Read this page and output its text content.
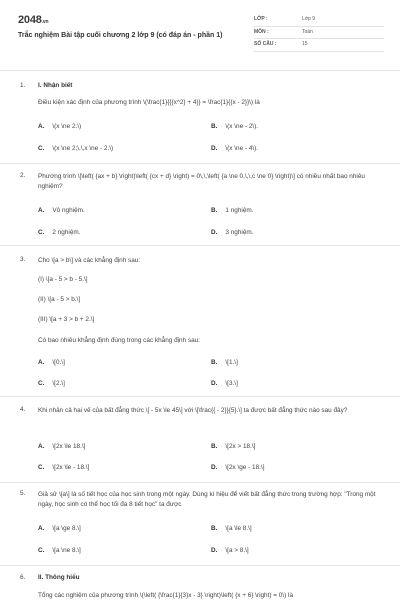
2048.vn
Trắc nghiệm Bài tập cuối chương 2 lớp 9 (có đáp án - phần 1)
LỚP :	Lớp 9
MÔN :	Toán
SỐ CÂU :	15
1. I. Nhận biết
Điều kiện xác định của phương trình \(\frac{1}{{{x^2} + 4}} = \frac{1}{{x - 2}}\) là
A. \(x \ne 2.\)	B. \(x \ne - 2\).
C. \(x \ne 2;\,\,x \ne - 2.\)	D. \(x \ne - 4\).
2. Phương trình \[\left( {ax + b} \right)\left( {cx + d} \right) = 0\,\,\left( {a \ne 0,\,\,c \ne 0} \right)\] có nhiều nhất bao nhiêu nghiệm?
A. Vô nghiệm.	B. 1 nghiệm.
C. 2 nghiệm.	D. 3 nghiệm.
3. Cho \[a > b\] và các khẳng định sau:
(I) \[a - 5 > b - 5.\]
(II) \[a - 5 > b.\]
(III) \[a + 3 > b + 2.\]
Có bao nhiêu khẳng định đúng trong các khẳng định sau:
A. \[0.\]	B. \[1.\]
C. \[2.\]	D. \[3.\]
4. Khi nhân cả hai vế của bất đẳng thức \[ - 5x \le 45\] với \[\frac{{ - 2}}{5}.\] ta được bất đẳng thức nào sau đây?
A. \[2x \le 18.\]	B. \[2x > 18.\]
C. \[2x \le - 18.\]	D. \[2x \ge - 18.\]
5. Giả sử \[a\] là số tiết học của học sinh trong một ngày. Dùng kí hiệu để viết bất đẳng thức trong trường hợp: "Trong một ngày, học sinh có thể học tối đa 8 tiết học" ta được
A. \[a \ge 8.\]	B. \[a \le 8.\]
C. \[a \ne 8.\]	D. \[a > 8.\]
6. II. Thông hiểu
Tổng các nghiệm của phương trình \(\left( {\frac{1}{3}x - 3} \right)\left( {x + 6} \right) = 0\) là
